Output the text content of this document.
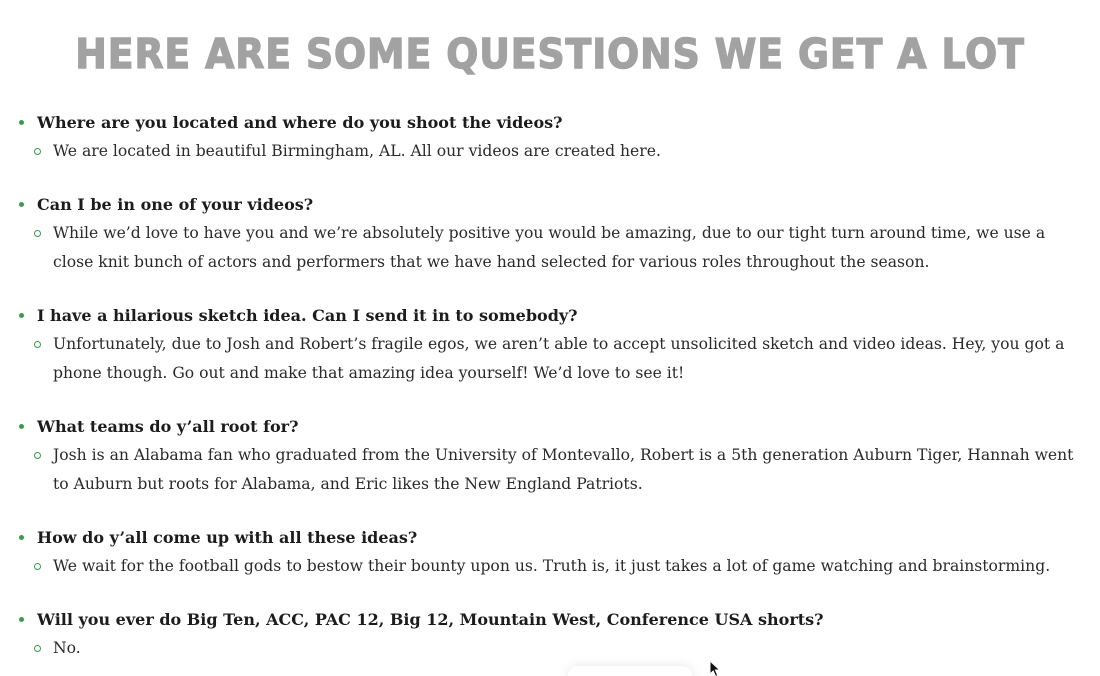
HERE ARE SOME QUESTIONS WE GET A LOT
Where are you located and where do you shoot the videos?
We are located in beautiful Birmingham, AL. All our videos are created here.
Can I be in one of your videos?
While we’d love to have you and we’re absolutely positive you would be amazing, due to our tight turn around time, we use a close knit bunch of actors and performers that we have hand selected for various roles throughout the season.
I have a hilarious sketch idea. Can I send it in to somebody?
Unfortunately, due to Josh and Robert’s fragile egos, we aren’t able to accept unsolicited sketch and video ideas. Hey, you got a phone though. Go out and make that amazing idea yourself! We’d love to see it!
What teams do y’all root for?
Josh is an Alabama fan who graduated from the University of Montevallo, Robert is a 5th generation Auburn Tiger, Hannah went to Auburn but roots for Alabama, and Eric likes the New England Patriots.
How do y’all come up with all these ideas?
We wait for the football gods to bestow their bounty upon us. Truth is, it just takes a lot of game watching and brainstorming.
Will you ever do Big Ten, ACC, PAC 12, Big 12, Mountain West, Conference USA shorts?
No.
